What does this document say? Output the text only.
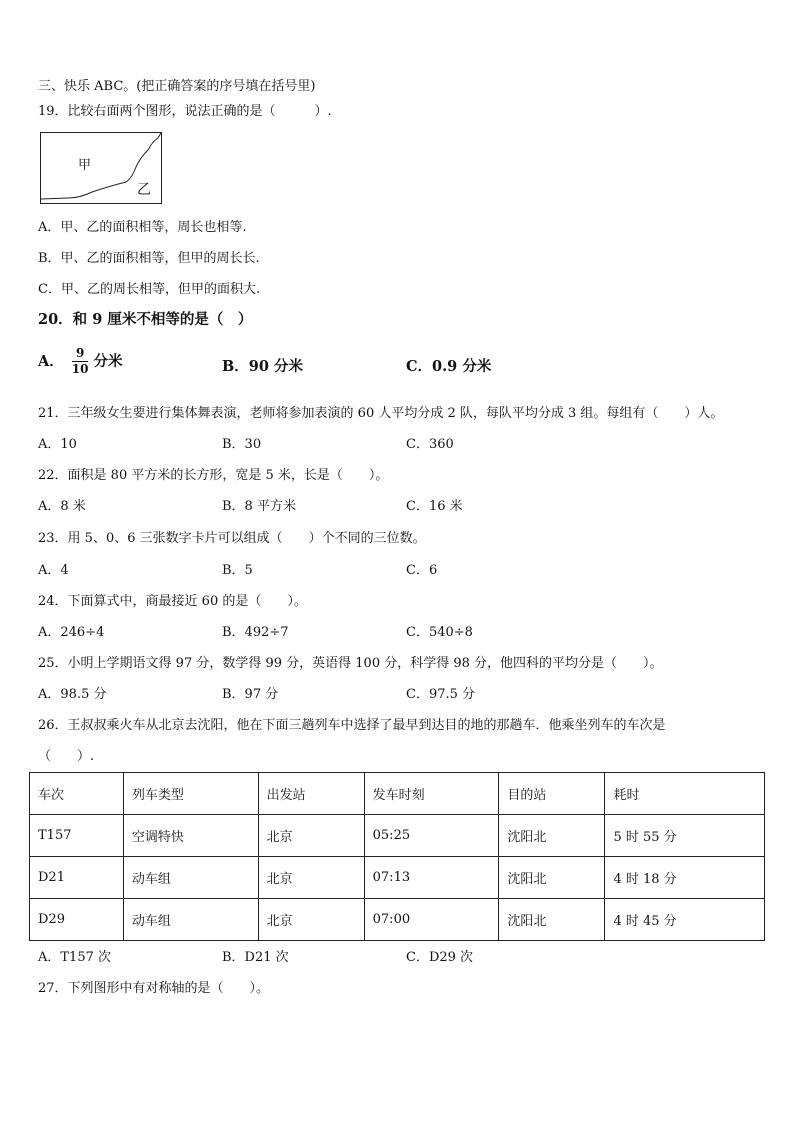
三、快乐 ABC。(把正确答案的序号填在括号里)
19．比较右面两个图形，说法正确的是（　　　）.
甲
乙
A．甲、乙的面积相等，周长也相等.
B．甲、乙的面积相等，但甲的周长长.
C．甲、乙的周长相等，但甲的面积大.
20．和 9 厘米不相等的是（　）
A． $\frac{9}{10}$ 分米	B．90 分米	C．0.9 分米
21．三年级女生要进行集体舞表演，老师将参加表演的 60 人平均分成 2 队，每队平均分成 3 组。每组有（　　）人。
A．10	B．30	C．360
22．面积是 80 平方米的长方形，宽是 5 米，长是（　　）。
A．8 米	B．8 平方米	C．16 米
23．用 5、0、6 三张数字卡片可以组成（　　）个不同的三位数。
A．4	B．5	C．6
24．下面算式中，商最接近 60 的是（　　）。
A．246÷4	B．492÷7	C．540÷8
25．小明上学期语文得 97 分，数学得 99 分，英语得 100 分，科学得 98 分，他四科的平均分是（　　）。
A．98.5 分	B．97 分	C．97.5 分
26．王叔叔乘火车从北京去沈阳，他在下面三趟列车中选择了最早到达目的地的那趟车．他乘坐列车的车次是
（　　）.
车次	列车类型	出发站	发车时刻	目的站	耗时
T157	空调特快	北京	05:25	沈阳北	5 时 55 分
D21	动车组	北京	07:13	沈阳北	4 时 18 分
D29	动车组	北京	07:00	沈阳北	4 时 45 分
A．T157 次	B．D21 次	C．D29 次
27．下列图形中有对称轴的是（　　）。
